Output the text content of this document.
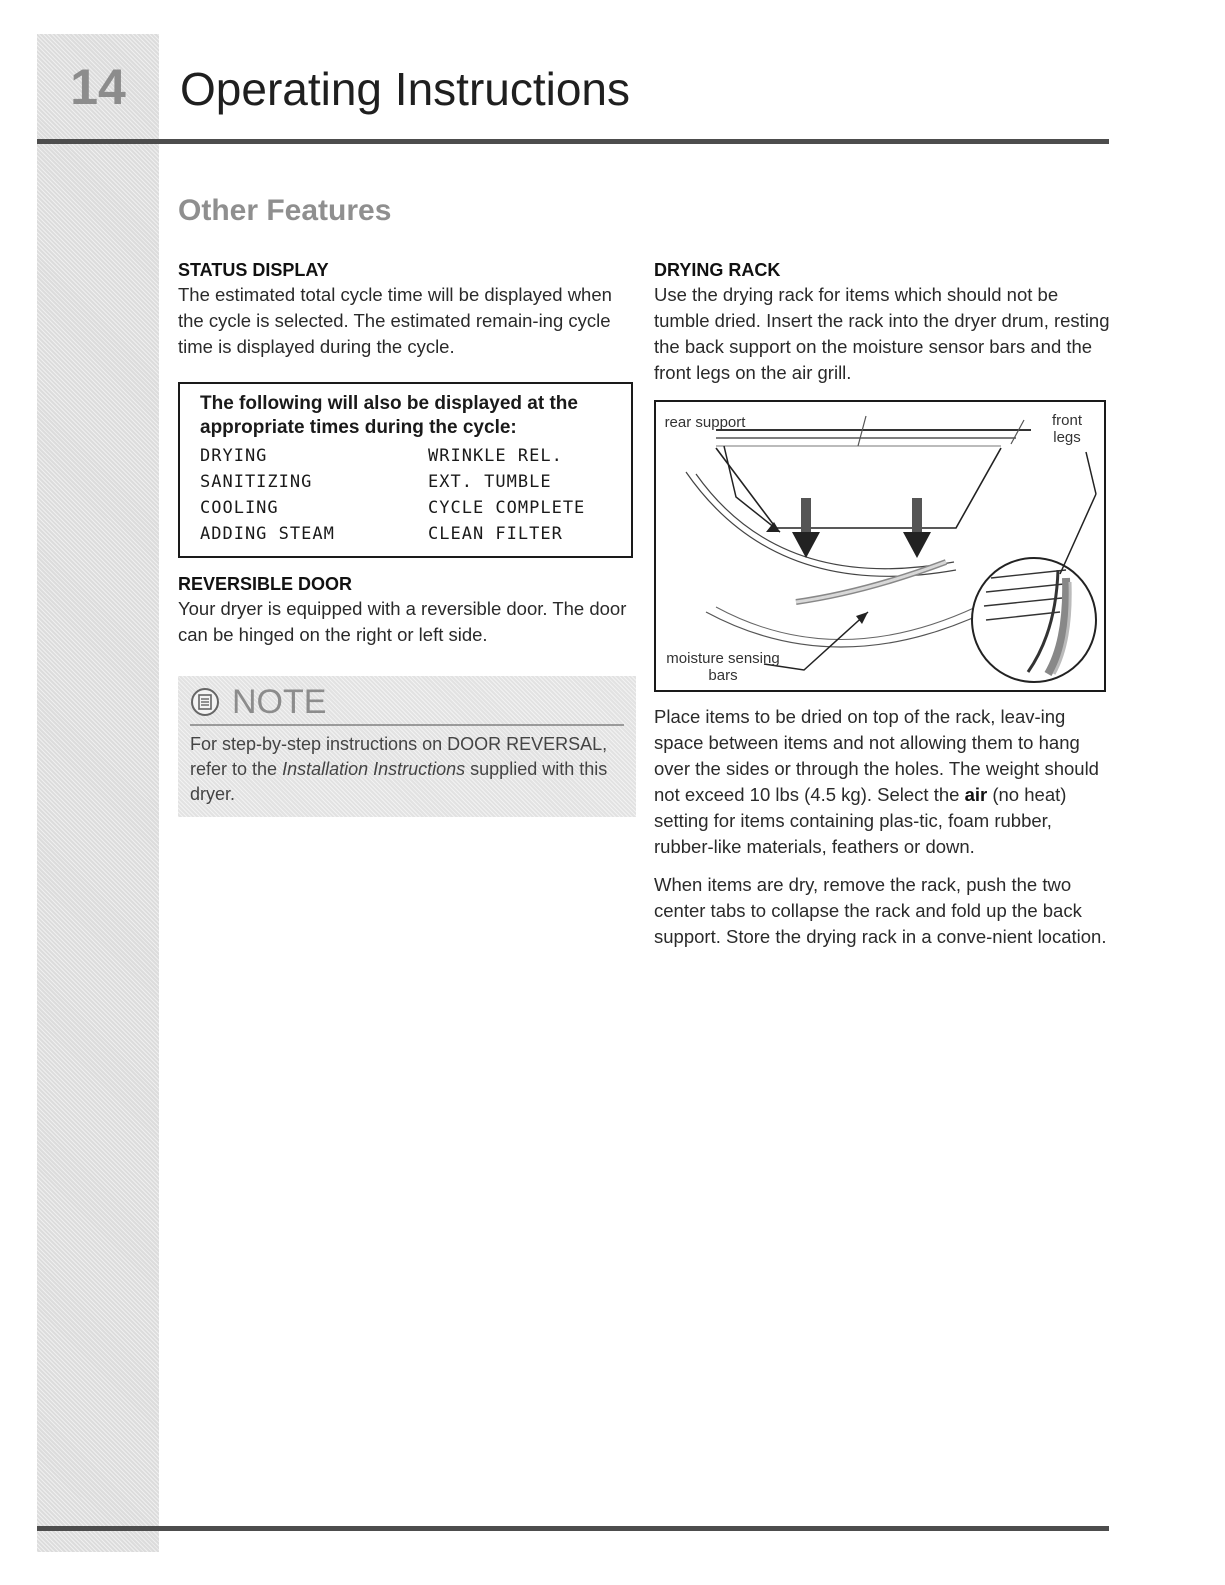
14	Operating Instructions
Other Features
STATUS DISPLAY

The estimated total cycle time will be displayed when the cycle is selected. The estimated remain-ing cycle time is displayed during the cycle.

The following will also be displayed at the appropriate times during the cycle:

DRYING	WRINKLE REL.
SANITIZING	EXT. TUMBLE
COOLING	CYCLE COMPLETE
ADDING STEAM	CLEAN FILTER
REVERSIBLE DOOR

Your dryer is equipped with a reversible door. The door can be hinged on the right or left side.

NOTE

For step-by-step instructions on DOOR REVERSAL, refer to the Installation Instructions supplied with this dryer.

DRYING RACK

Use the drying rack for items which should not be tumble dried. Insert the rack into the dryer drum, resting the back support on the moisture sensor bars and the front legs on the air grill.

rear support	front legs
moisture sensing bars

Place items to be dried on top of the rack, leav-ing space between items and not allowing them to hang over the sides or through the holes. The weight should not exceed 10 lbs (4.5 kg). Select the air (no heat) setting for items containing plas-tic, foam rubber, rubber-like materials, feathers or down.

When items are dry, remove the rack, push the two center tabs to collapse the rack and fold up the back support. Store the drying rack in a conve-nient location.
